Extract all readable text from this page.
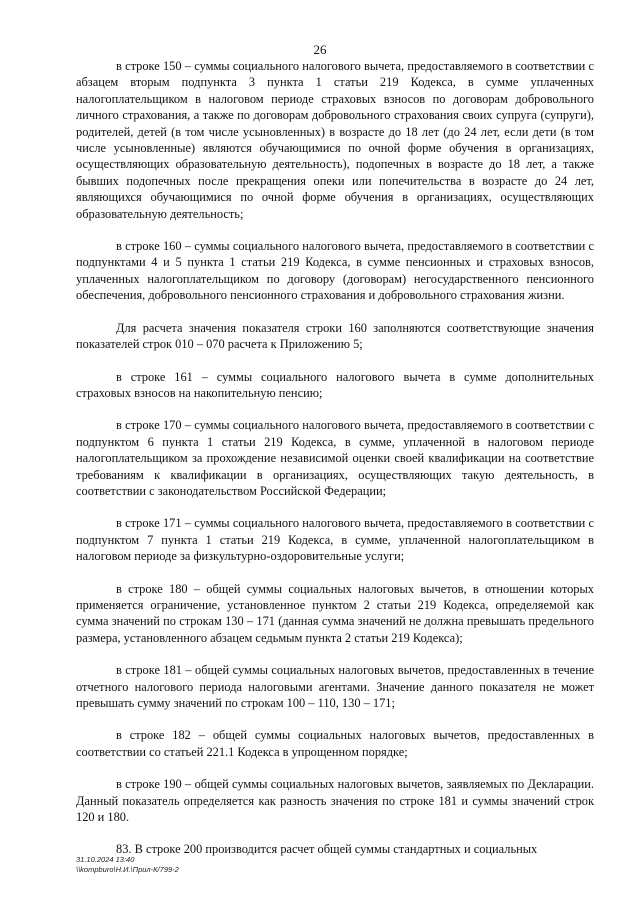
26

в строке 150 – суммы социального налогового вычета, предоставляемого в соответствии с абзацем вторым подпункта 3 пункта 1 статьи 219 Кодекса, в сумме уплаченных налогоплательщиком в налоговом периоде страховых взносов по договорам добровольного личного страхования, а также по договорам добровольного страхования своих супруга (супруги), родителей, детей (в том числе усыновленных) в возрасте до 18 лет (до 24 лет, если дети (в том числе усыновленные) являются обучающимися по очной форме обучения в организациях, осуществляющих образовательную деятельность), подопечных в возрасте до 18 лет, а также бывших подопечных после прекращения опеки или попечительства в возрасте до 24 лет, являющихся обучающимися по очной форме обучения в организациях, осуществляющих образовательную деятельность;

в строке 160 – суммы социального налогового вычета, предоставляемого в соответствии с подпунктами 4 и 5 пункта 1 статьи 219 Кодекса, в сумме пенсионных и страховых взносов, уплаченных налогоплательщиком по договору (договорам) негосударственного пенсионного обеспечения, добровольного пенсионного страхования и добровольного страхования жизни.

Для расчета значения показателя строки 160 заполняются соответствующие значения показателей строк 010 – 070 расчета к Приложению 5;

в строке 161 – суммы социального налогового вычета в сумме дополнительных страховых взносов на накопительную пенсию;

в строке 170 – суммы социального налогового вычета, предоставляемого в соответствии с подпунктом 6 пункта 1 статьи 219 Кодекса, в сумме, уплаченной в налоговом периоде налогоплательщиком за прохождение независимой оценки своей квалификации на соответствие требованиям к квалификации в организациях, осуществляющих такую деятельность, в соответствии с законодательством Российской Федерации;

в строке 171 – суммы социального налогового вычета, предоставляемого в соответствии с подпунктом 7 пункта 1 статьи 219 Кодекса, в сумме, уплаченной налогоплательщиком в налоговом периоде за физкультурно-оздоровительные услуги;

в строке 180 – общей суммы социальных налоговых вычетов, в отношении которых применяется ограничение, установленное пунктом 2 статьи 219 Кодекса, определяемой как сумма значений по строкам 130 – 171 (данная сумма значений не должна превышать предельного размера, установленного абзацем седьмым пункта 2 статьи 219 Кодекса);

в строке 181 – общей суммы социальных налоговых вычетов, предоставленных в течение отчетного налогового периода налоговыми агентами. Значение данного показателя не может превышать сумму значений по строкам 100 – 110, 130 – 171;

в строке 182 – общей суммы социальных налоговых вычетов, предоставленных в соответствии со статьей 221.1 Кодекса в упрощенном порядке;

в строке 190 – общей суммы социальных налоговых вычетов, заявляемых по Декларации. Данный показатель определяется как разность значения по строке 181 и суммы значений строк 120 и 180.

83. В строке 200 производится расчет общей суммы стандартных и социальных

31.10.2024 13:40
\\kompburo\Н.И.\Прил-К/799-2
